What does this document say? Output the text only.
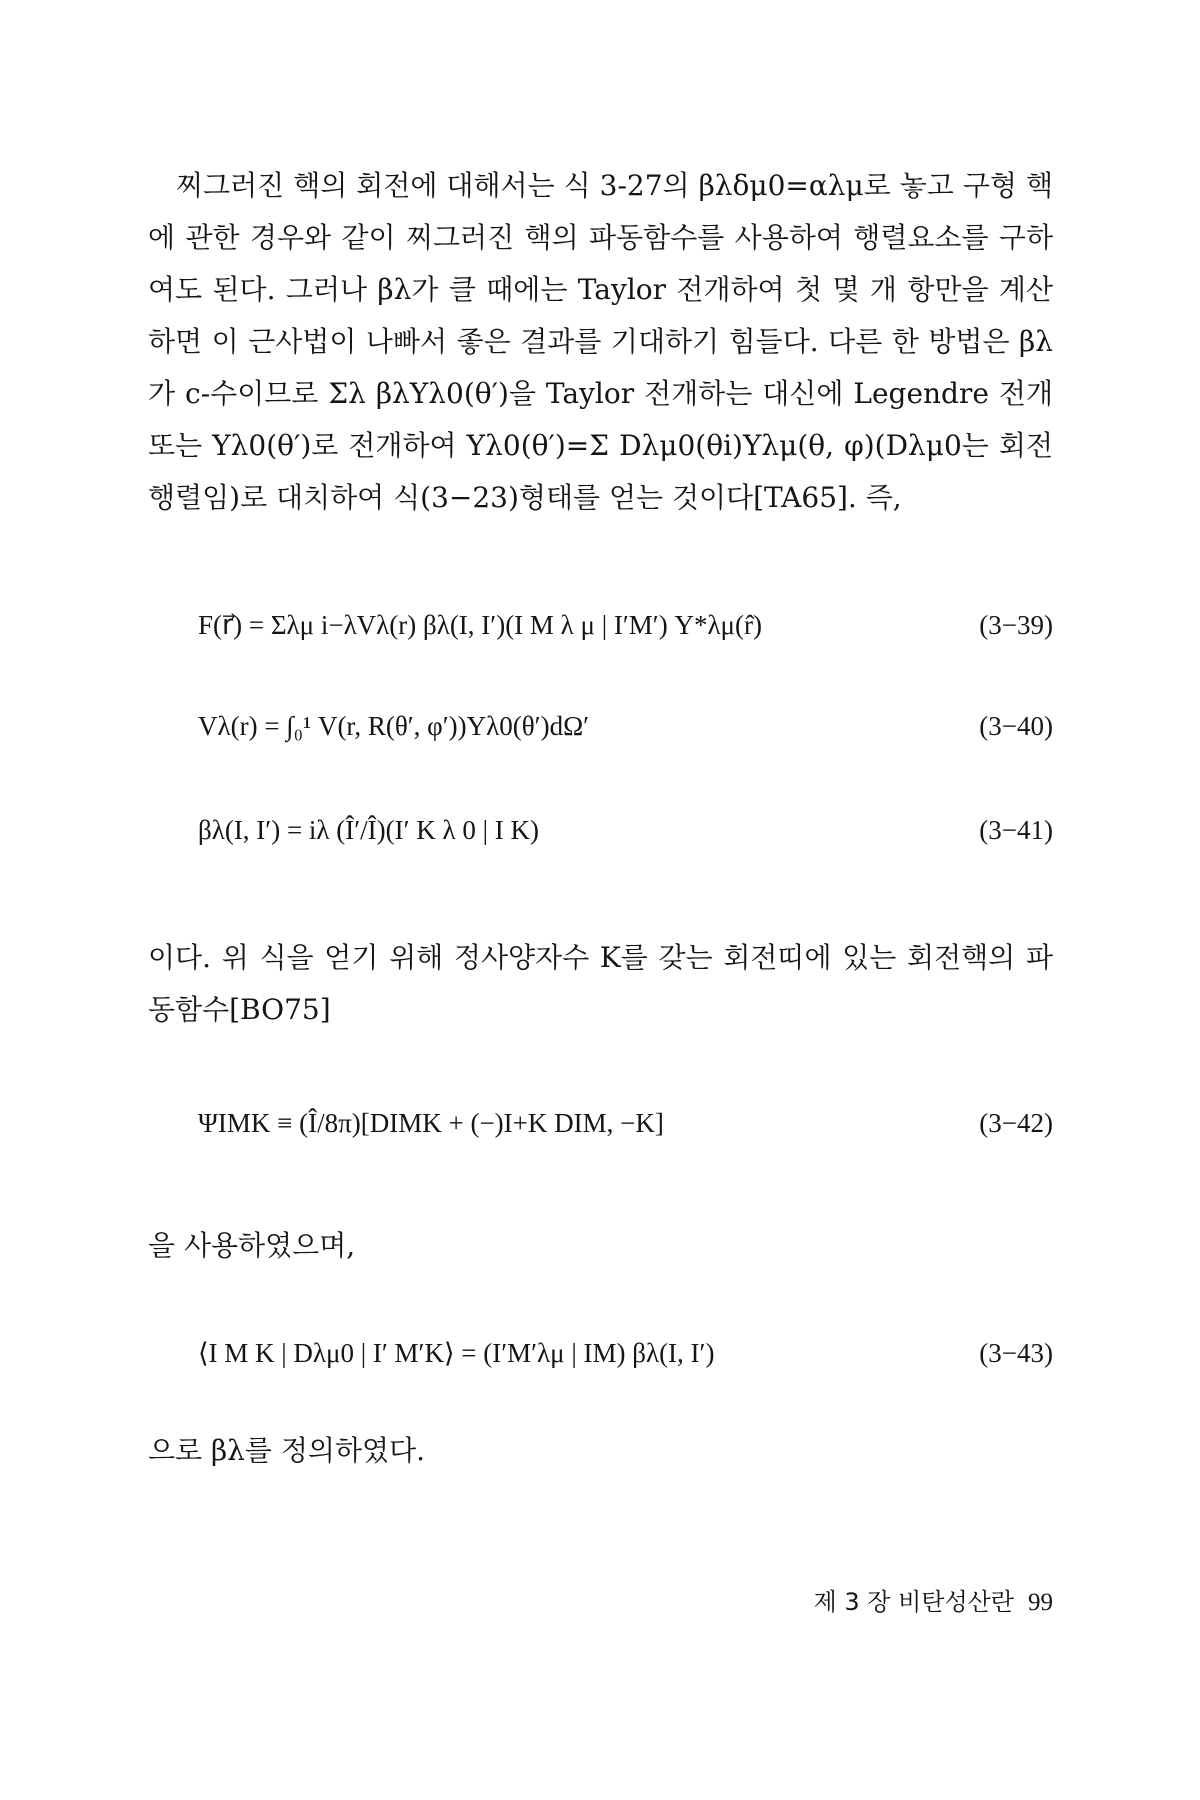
찌그러진 핵의 회전에 대해서는 식 3-27의 βλδμ0=αλμ로 놓고 구형 핵에 관한 경우와 같이 찌그러진 핵의 파동함수를 사용하여 행렬요소를 구하여도 된다. 그러나 βλ가 클 때에는 Taylor 전개하여 첫 몇 개 항만을 계산하면 이 근사법이 나빠서 좋은 결과를 기대하기 힘들다. 다른 한 방법은 βλ가 c-수이므로 Σλ βλYλ0(θ′)을 Taylor 전개하는 대신에 Legendre 전개 또는 Yλ0(θ′)로 전개하여 Yλ0(θ′)=Σ Dλμ0(θi)Yλμ(θ, φ)(Dλμ0는 회전 행렬임)로 대치하여 식(3−23)형태를 얻는 것이다[TA65]. 즉,
F(r⃗) = Σλμ i−λVλ(r) βλ(I, I′)(I M λ μ | I′M′) Y*λμ(r̂)	(3−39)
Vλ(r) = ∫₀¹ V(r, R(θ′, φ′))Yλ0(θ′)dΩ′	(3−40)
βλ(I, I′) = iλ (Î′/Î)(I′ K λ 0 | I K)	(3−41)
이다. 위 식을 얻기 위해 정사양자수 K를 갖는 회전띠에 있는 회전핵의 파동함수[BO75]
ΨIMK ≡ (Î/8π)[DIMK + (−)I+K DIM, −K]	(3−42)
을 사용하였으며,
⟨I M K | Dλμ0 | I′ M′K⟩ = (I′M′λμ | IM) βλ(I, I′)	(3−43)
으로 βλ를 정의하였다.
제 3 장 비탄성산란 99
